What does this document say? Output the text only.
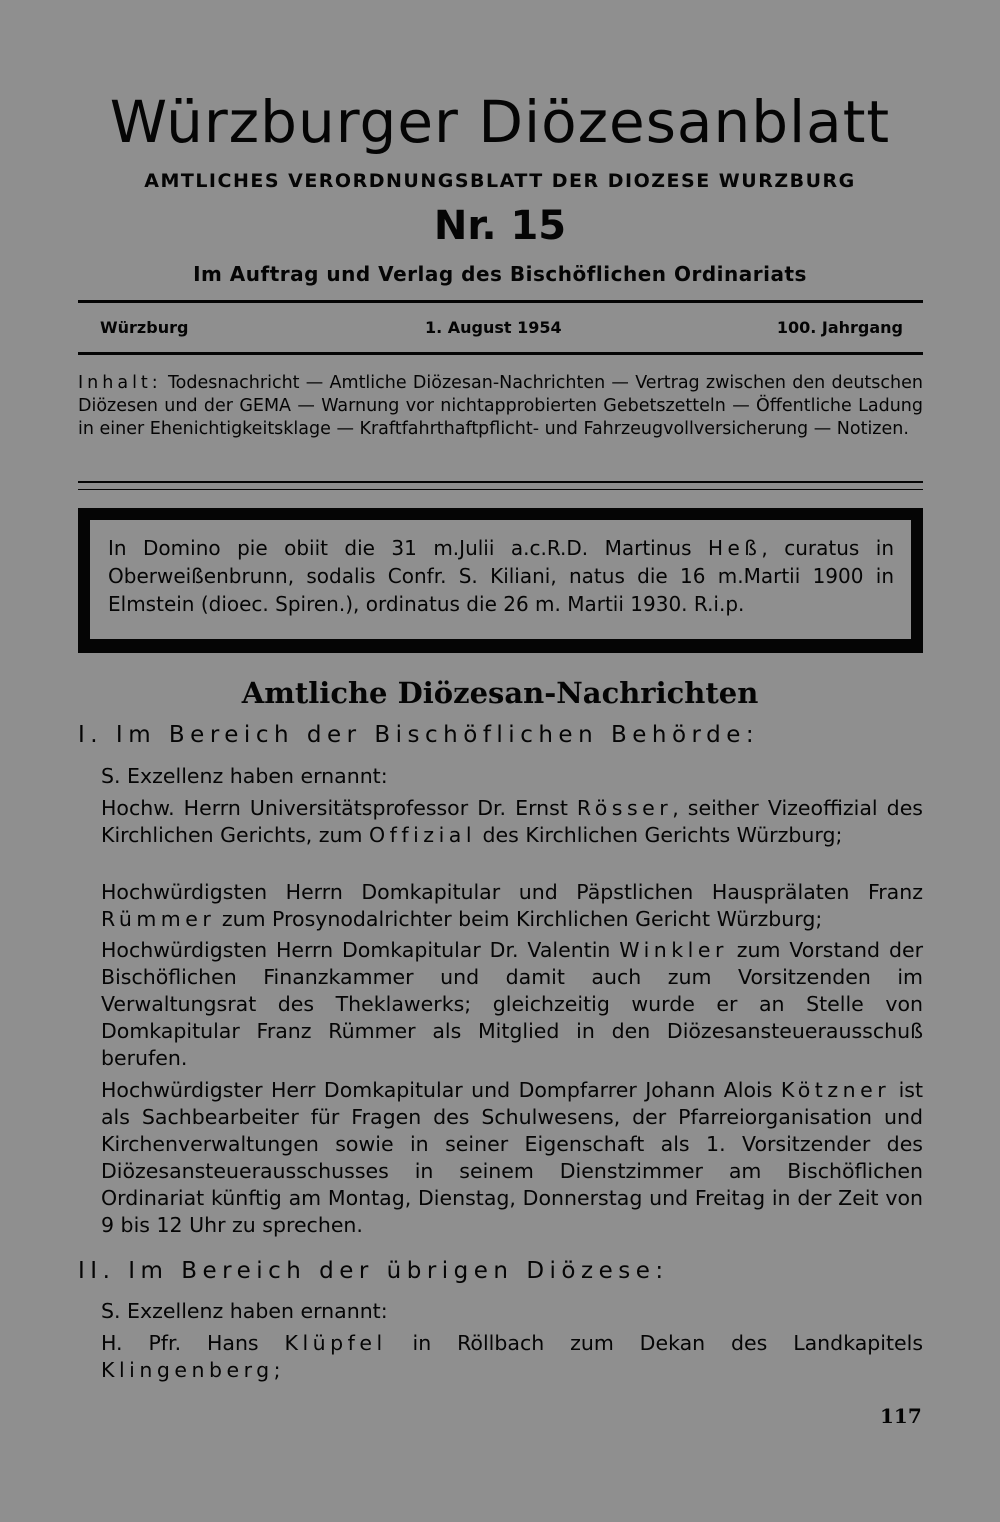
Würzburger Diözesanblatt
AMTLICHES VERORDNUNGSBLATT DER DIOZESE WURZBURG
Nr. 15
Im Auftrag und Verlag des Bischöflichen Ordinariats
Würzburg	1. August 1954	100. Jahrgang
Inhalt: Todesnachricht — Amtliche Diözesan-Nachrichten — Vertrag zwischen den deutschen Diözesen und der GEMA — Warnung vor nichtapprobierten Gebetszetteln — Öffentliche Ladung in einer Ehenichtigkeitsklage — Kraftfahrthaftpflicht- und Fahrzeugvollversicherung — Notizen.
In Domino pie obiit die 31 m.Julii a.c.R.D. Martinus Heß, curatus in Oberweißenbrunn, sodalis Confr. S. Kiliani, natus die 16 m.Martii 1900 in Elmstein (dioec. Spiren.), ordinatus die 26 m. Martii 1930. R.i.p.
Amtliche Diözesan-Nachrichten
I. Im Bereich der Bischöflichen Behörde:
S. Exzellenz haben ernannt:
Hochw. Herrn Universitätsprofessor Dr. Ernst Rösser, seither Vizeoffizial des Kirchlichen Gerichts, zum Offizial des Kirchlichen Gerichts Würzburg;
Hochwürdigsten Herrn Domkapitular und Päpstlichen Hausprälaten Franz Rümmer zum Prosynodalrichter beim Kirchlichen Gericht Würzburg;
Hochwürdigsten Herrn Domkapitular Dr. Valentin Winkler zum Vorstand der Bischöflichen Finanzkammer und damit auch zum Vorsitzenden im Verwaltungsrat des Theklawerks; gleichzeitig wurde er an Stelle von Domkapitular Franz Rümmer als Mitglied in den Diözesansteuerausschuß berufen.
Hochwürdigster Herr Domkapitular und Dompfarrer Johann Alois Kötzner ist als Sachbearbeiter für Fragen des Schulwesens, der Pfarreiorganisation und Kirchenverwaltungen sowie in seiner Eigenschaft als 1. Vorsitzender des Diözesansteuerausschusses in seinem Dienstzimmer am Bischöflichen Ordinariat künftig am Montag, Dienstag, Donnerstag und Freitag in der Zeit von 9 bis 12 Uhr zu sprechen.
II. Im Bereich der übrigen Diözese:
S. Exzellenz haben ernannt:
H. Pfr. Hans Klüpfel in Röllbach zum Dekan des Landkapitels Klingenberg;
117
